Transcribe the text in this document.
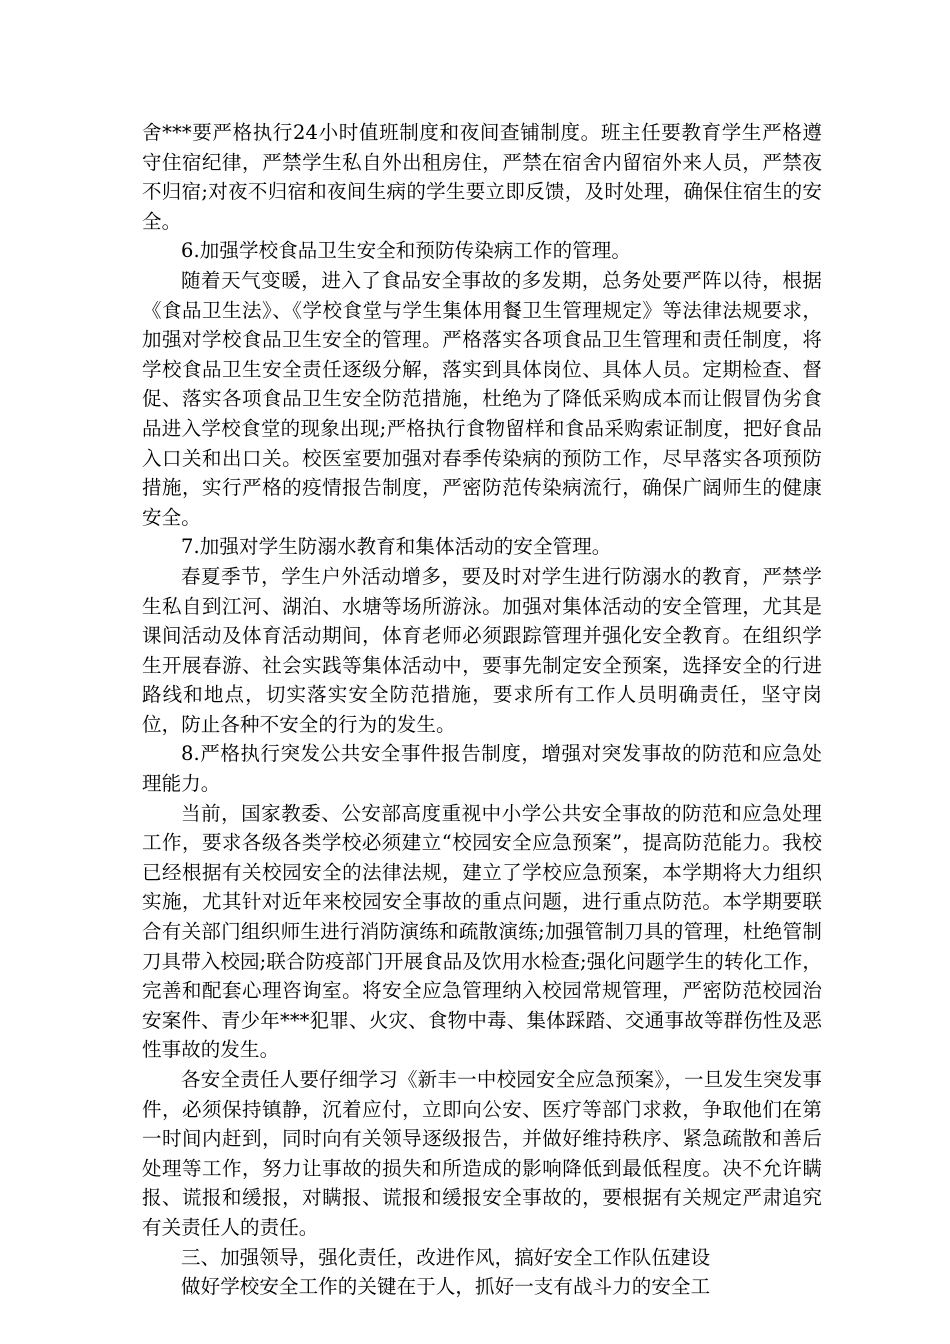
舍***要严格执行24小时值班制度和夜间查铺制度。班主任要教育学生严格遵守住宿纪律，严禁学生私自外出租房住，严禁在宿舍内留宿外来人员，严禁夜不归宿;对夜不归宿和夜间生病的学生要立即反馈，及时处理，确保住宿生的安全。

6.加强学校食品卫生安全和预防传染病工作的管理。

随着天气变暖，进入了食品安全事故的多发期，总务处要严阵以待，根据《食品卫生法》、《学校食堂与学生集体用餐卫生管理规定》等法律法规要求，加强对学校食品卫生安全的管理。严格落实各项食品卫生管理和责任制度，将学校食品卫生安全责任逐级分解，落实到具体岗位、具体人员。定期检查、督促、落实各项食品卫生安全防范措施，杜绝为了降低采购成本而让假冒伪劣食品进入学校食堂的现象出现;严格执行食物留样和食品采购索证制度，把好食品入口关和出口关。校医室要加强对春季传染病的预防工作，尽早落实各项预防措施，实行严格的疫情报告制度，严密防范传染病流行，确保广阔师生的健康安全。

7.加强对学生防溺水教育和集体活动的安全管理。

春夏季节，学生户外活动增多，要及时对学生进行防溺水的教育，严禁学生私自到江河、湖泊、水塘等场所游泳。加强对集体活动的安全管理，尤其是课间活动及体育活动期间，体育老师必须跟踪管理并强化安全教育。在组织学生开展春游、社会实践等集体活动中，要事先制定安全预案，选择安全的行进路线和地点，切实落实安全防范措施，要求所有工作人员明确责任，坚守岗位，防止各种不安全的行为的发生。

8.严格执行突发公共安全事件报告制度，增强对突发事故的防范和应急处理能力。

当前，国家教委、公安部高度重视中小学公共安全事故的防范和应急处理工作，要求各级各类学校必须建立“校园安全应急预案”，提高防范能力。我校已经根据有关校园安全的法律法规，建立了学校应急预案，本学期将大力组织实施，尤其针对近年来校园安全事故的重点问题，进行重点防范。本学期要联合有关部门组织师生进行消防演练和疏散演练;加强管制刀具的管理，杜绝管制刀具带入校园;联合防疫部门开展食品及饮用水检查;强化问题学生的转化工作，完善和配套心理咨询室。将安全应急管理纳入校园常规管理，严密防范校园治安案件、青少年***犯罪、火灾、食物中毒、集体踩踏、交通事故等群伤性及恶性事故的发生。

各安全责任人要仔细学习《新丰一中校园安全应急预案》，一旦发生突发事件，必须保持镇静，沉着应付，立即向公安、医疗等部门求救，争取他们在第一时间内赶到，同时向有关领导逐级报告，并做好维持秩序、紧急疏散和善后处理等工作，努力让事故的损失和所造成的影响降低到最低程度。决不允许瞒报、谎报和缓报，对瞒报、谎报和缓报安全事故的，要根据有关规定严肃追究有关责任人的责任。

三、加强领导，强化责任，改进作风，搞好安全工作队伍建设

做好学校安全工作的关键在于人，抓好一支有战斗力的安全工
